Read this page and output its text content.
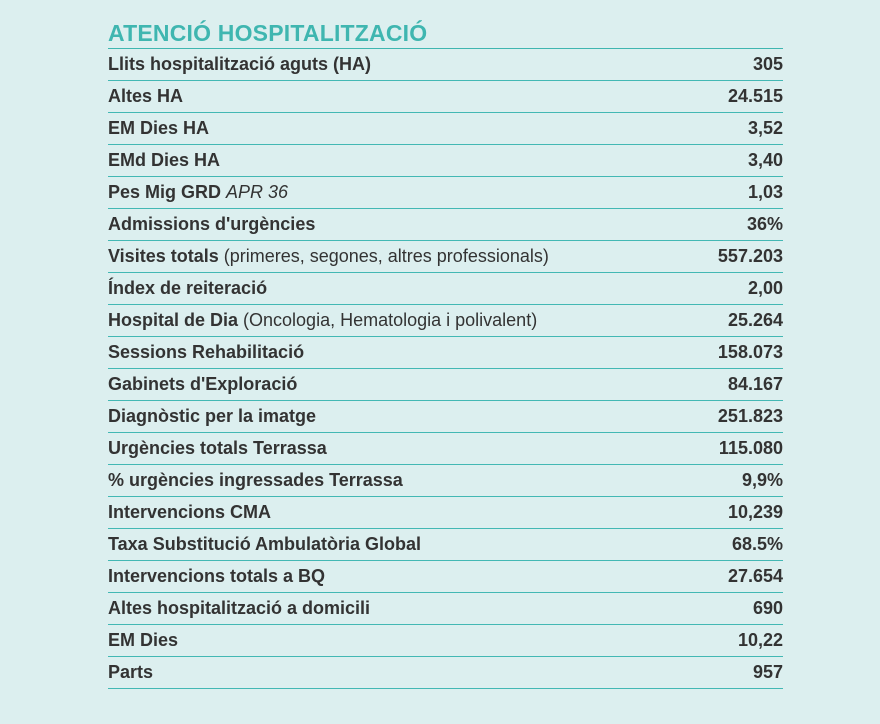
ATENCIÓ HOSPITALITZACIÓ
Llits hospitalització aguts (HA)	305
Altes HA	24.515
EM Dies HA	3,52
EMd Dies HA	3,40
Pes Mig GRD APR 36	1,03
Admissions d'urgències	36%
Visites totals (primeres, segones, altres professionals)	557.203
Índex de reiteració	2,00
Hospital de Dia (Oncologia, Hematologia i polivalent)	25.264
Sessions Rehabilitació	158.073
Gabinets d'Exploració	84.167
Diagnòstic per la imatge	251.823
Urgències totals Terrassa	115.080
% urgències ingressades Terrassa	9,9%
Intervencions CMA	10,239
Taxa Substitució Ambulatòria Global	68.5%
Intervencions totals a BQ	27.654
Altes hospitalització a domicili	690
EM Dies	10,22
Parts	957
